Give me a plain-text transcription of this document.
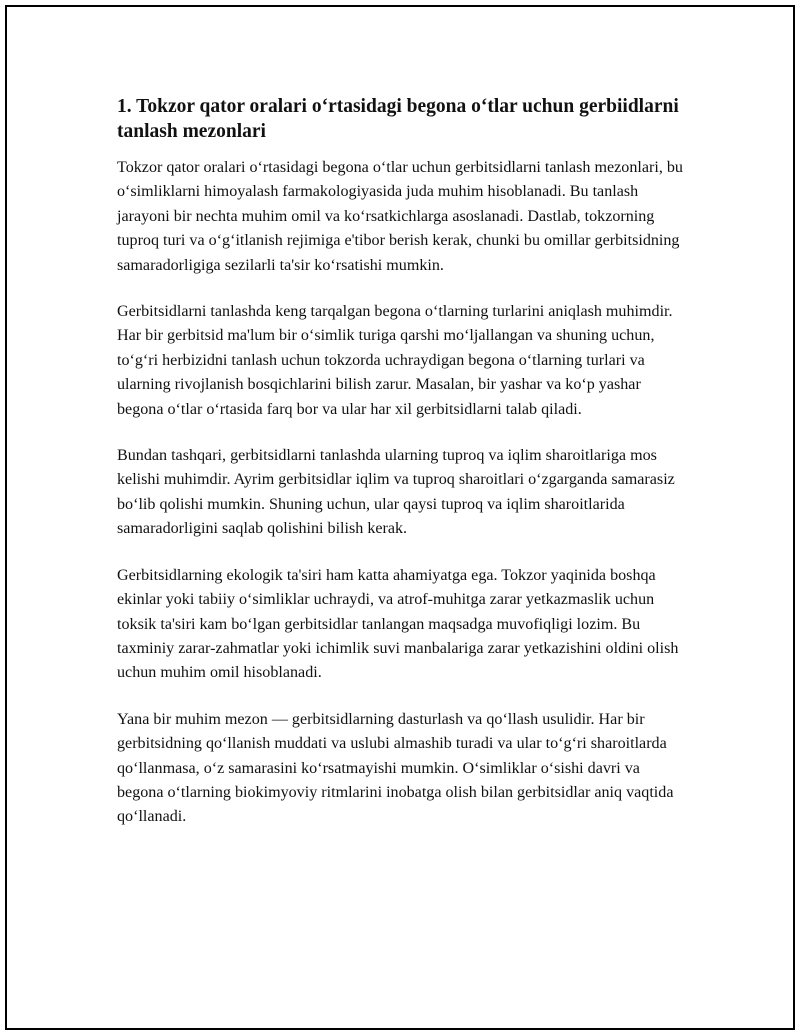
1. Tokzor qator oralari o‘rtasidagi begona o‘tlar uchun gerbiidlarni tanlash mezonlari

Tokzor qator oralari o‘rtasidagi begona o‘tlar uchun gerbitsidlarni tanlash mezonlari, bu o‘simliklarni himoyalash farmakologiyasida juda muhim hisoblanadi. Bu tanlash jarayoni bir nechta muhim omil va ko‘rsatkichlarga asoslanadi. Dastlab, tokzorning tuproq turi va o‘g‘itlanish rejimiga e'tibor berish kerak, chunki bu omillar gerbitsidning samaradorligiga sezilarli ta'sir ko‘rsatishi mumkin.

Gerbitsidlarni tanlashda keng tarqalgan begona o‘tlarning turlarini aniqlash muhimdir. Har bir gerbitsid ma'lum bir o‘simlik turiga qarshi mo‘ljallangan va shuning uchun, to‘g‘ri herbizidni tanlash uchun tokzorda uchraydigan begona o‘tlarning turlari va ularning rivojlanish bosqichlarini bilish zarur. Masalan, bir yashar va ko‘p yashar begona o‘tlar o‘rtasida farq bor va ular har xil gerbitsidlarni talab qiladi.

Bundan tashqari, gerbitsidlarni tanlashda ularning tuproq va iqlim sharoitlariga mos kelishi muhimdir. Ayrim gerbitsidlar iqlim va tuproq sharoitlari o‘zgarganda samarasiz bo‘lib qolishi mumkin. Shuning uchun, ular qaysi tuproq va iqlim sharoitlarida samaradorligini saqlab qolishini bilish kerak.

Gerbitsidlarning ekologik ta'siri ham katta ahamiyatga ega. Tokzor yaqinida boshqa ekinlar yoki tabiiy o‘simliklar uchraydi, va atrof-muhitga zarar yetkazmaslik uchun toksik ta'siri kam bo‘lgan gerbitsidlar tanlangan maqsadga muvofiqligi lozim. Bu taxminiy zarar-zahmatlar yoki ichimlik suvi manbalariga zarar yetkazishini oldini olish uchun muhim omil hisoblanadi.

Yana bir muhim mezon — gerbitsidlarning dasturlash va qo‘llash usulidir. Har bir gerbitsidning qo‘llanish muddati va uslubi almashib turadi va ular to‘g‘ri sharoitlarda qo‘llanmasa, o‘z samarasini ko‘rsatmayishi mumkin. O‘simliklar o‘sishi davri va begona o‘tlarning biokimyoviy ritmlarini inobatga olish bilan gerbitsidlar aniq vaqtida qo‘llanadi.
